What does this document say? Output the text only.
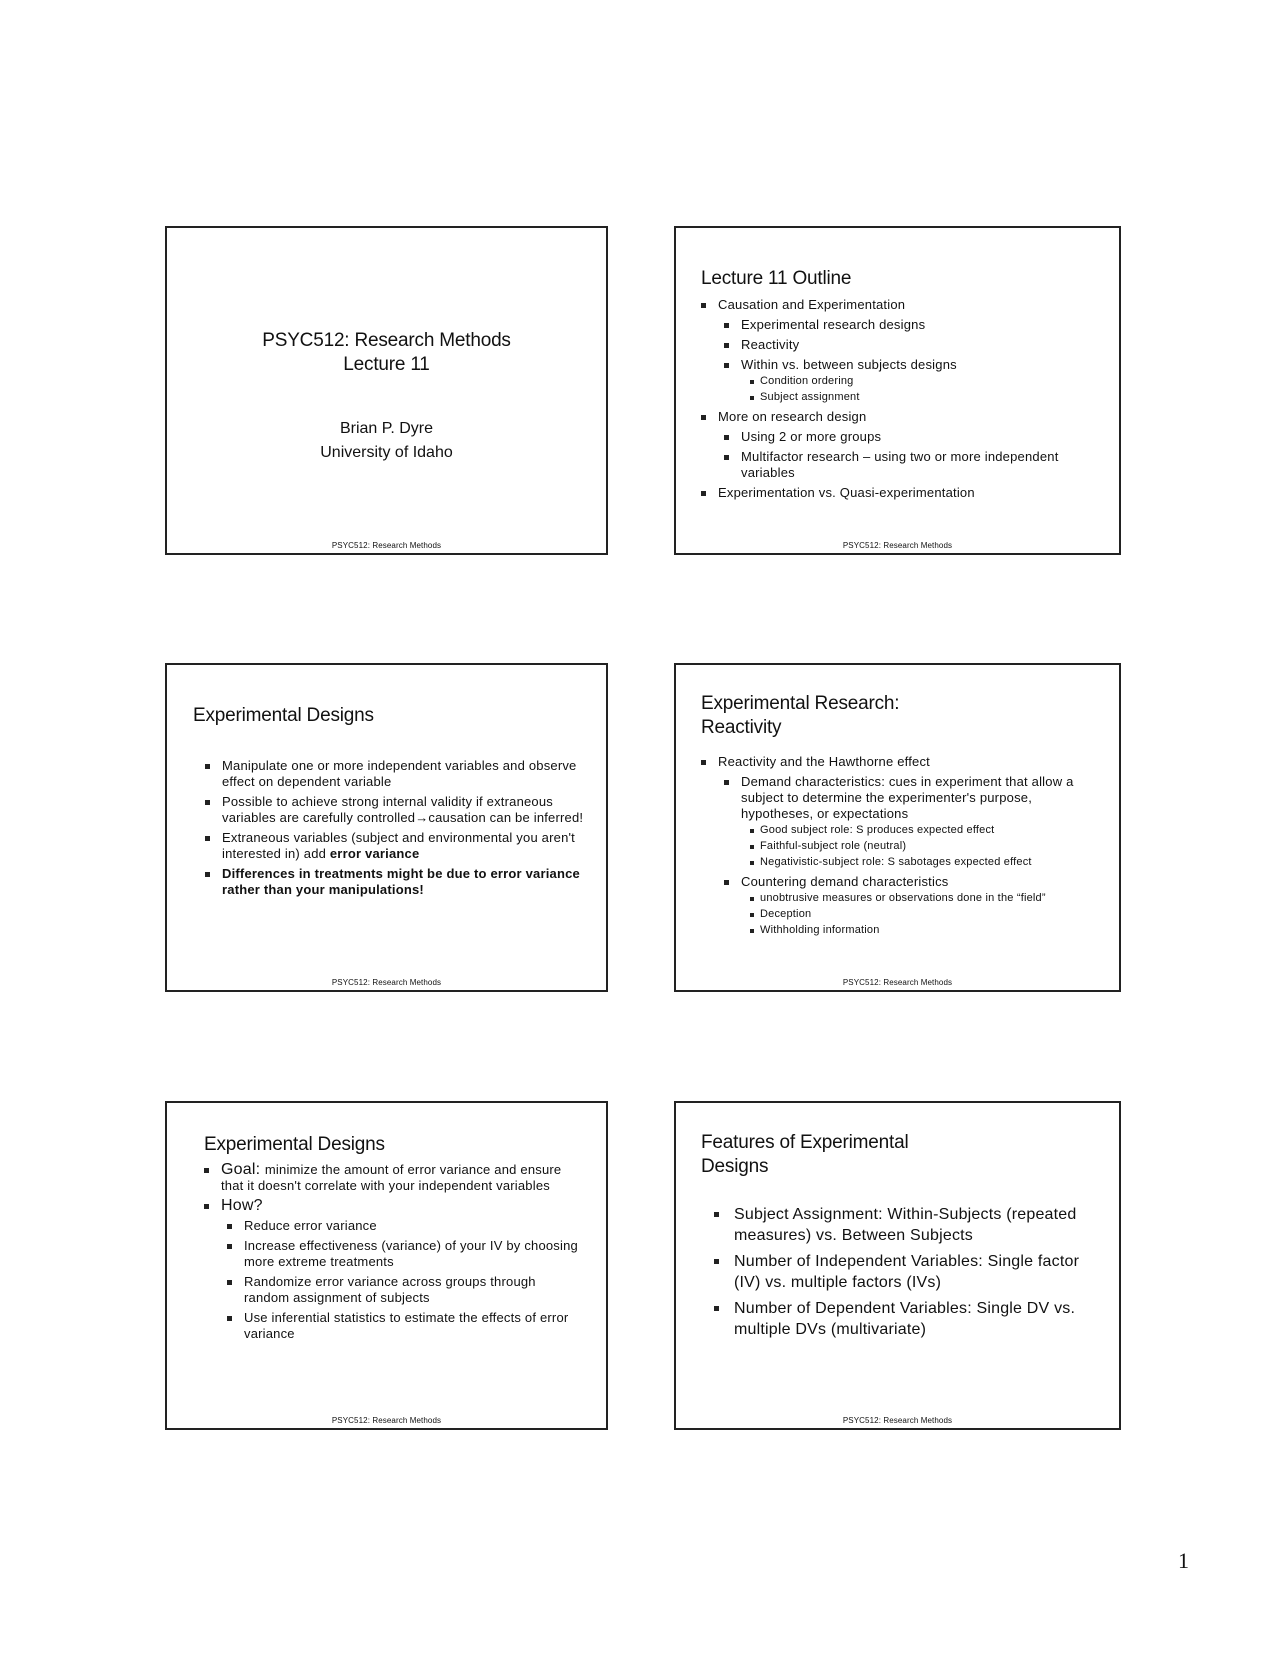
PSYC512: Research Methods
Lecture 11
Brian P. Dyre
University of Idaho
PSYC512: Research Methods
Lecture 11 Outline
Causation and Experimentation
Experimental research designs
Reactivity
Within vs. between subjects designs
Condition ordering
Subject assignment
More on research design
Using 2 or more groups
Multifactor research – using two or more independent variables
Experimentation vs. Quasi-experimentation
PSYC512: Research Methods
Experimental Designs
Manipulate one or more independent variables and observe effect on dependent variable
Possible to achieve strong internal validity if extraneous variables are carefully controlled→causation can be inferred!
Extraneous variables (subject and environmental you aren't interested in) add error variance
Differences in treatments might be due to error variance rather than your manipulations!
PSYC512: Research Methods
Experimental Research:
Reactivity
Reactivity and the Hawthorne effect
Demand characteristics: cues in experiment that allow a subject to determine the experimenter's purpose, hypotheses, or expectations
Good subject role: S produces expected effect
Faithful-subject role (neutral)
Negativistic-subject role: S sabotages expected effect
Countering demand characteristics
unobtrusive measures or observations done in the “field”
Deception
Withholding information
PSYC512: Research Methods
Experimental Designs
Goal: minimize the amount of error variance and ensure that it doesn't correlate with your independent variables
How?
Reduce error variance
Increase effectiveness (variance) of your IV by choosing more extreme treatments
Randomize error variance across groups through random assignment of subjects
Use inferential statistics to estimate the effects of error variance
PSYC512: Research Methods
Features of Experimental
Designs
Subject Assignment: Within-Subjects (repeated measures) vs. Between Subjects
Number of Independent Variables: Single factor (IV) vs. multiple factors (IVs)
Number of Dependent Variables: Single DV vs. multiple DVs (multivariate)
PSYC512: Research Methods
1
